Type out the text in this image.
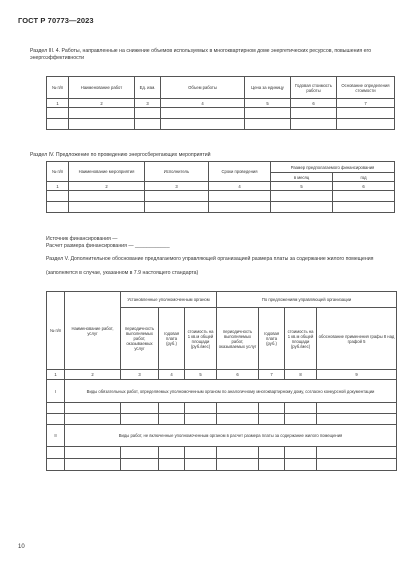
ГОСТ Р 70773—2023
Раздел III. 4. Работы, направленные на снижение объемов используемых в многоквартирном доме энергетических ресурсов, повышения его энергоэффективности
№ п/п	Наименование работ	Ед. изм.	Объем работы	Цена за единицу	Годовая стоимость работы	Основание определения стоимости
1	2	3	4	5	6	7

Раздел IV. Предложение по проведению энергосберегающих мероприятий
№ п/п	Наименование мероприятия	Исполнитель	Сроки проведения	Размер предполагаемого финансирования	
				в месяц	год
1	2	3	4	5	6

Источник финансирования —
Расчет размера финансирования — ____________
Раздел V. Дополнительное обоснование предлагаемого управляющей организацией размера платы за содержание жилого помещения
(заполняется в случае, указанном в 7.9 настоящего стандарта)
№ п/п	Наименование работ, услуг	Установленные уполномоченным органом			По предложениям управляющей организации			
		периодичность выполняемых работ, оказываемых услуг	годовая плата (руб.)	стоимость на 1 кв.м общей площади (руб./мес)	периодичность выполняемых работ, оказываемых услуг	годовая плата (руб.)	стоимость на 1 кв.м общей площади (руб./мес)	обоснование применения графы 8 над графой 5
1	2	3	4	5	6	7	8	9
I	Виды обязательных работ, определяемых уполномоченным органом по аналогичному многоквартирному дому, согласно конкурсной документации							

II	Виды работ, не включенные уполномоченным органом в расчет размера платы за содержание жилого помещения							

10
